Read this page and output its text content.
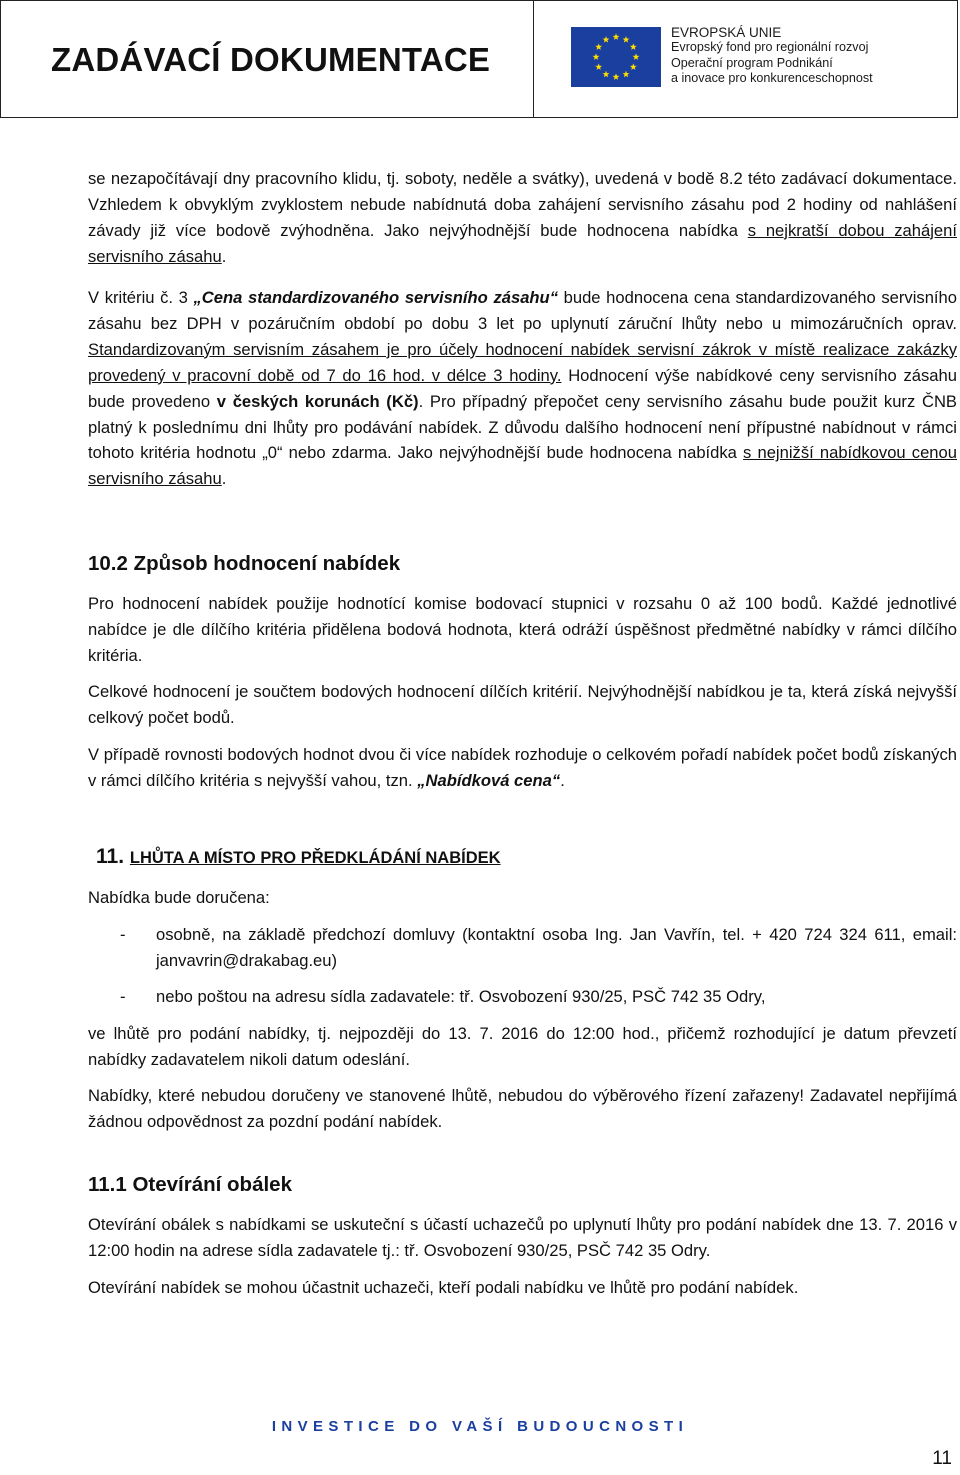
ZADÁVACÍ DOKUMENTACE
EVROPSKÁ UNIE
Evropský fond pro regionální rozvoj
Operační program Podnikání
a inovace pro konkurenceschopnost

se nezapočítávají dny pracovního klidu, tj. soboty, neděle a svátky), uvedená v bodě 8.2 této zadávací dokumentace. Vzhledem k obvyklým zvyklostem nebude nabídnutá doba zahájení servisního zásahu pod 2 hodiny od nahlášení závady již více bodově zvýhodněna. Jako nejvýhodnější bude hodnocena nabídka s nejkratší dobou zahájení servisního zásahu.

V kritériu č. 3 „Cena standardizovaného servisního zásahu“ bude hodnocena cena standardizovaného servisního zásahu bez DPH v pozáručním období po dobu 3 let po uplynutí záruční lhůty nebo u mimozáručních oprav. Standardizovaným servisním zásahem je pro účely hodnocení nabídek servisní zákrok v místě realizace zakázky provedený v pracovní době od 7 do 16 hod. v délce 3 hodiny. Hodnocení výše nabídkové ceny servisního zásahu bude provedeno v českých korunách (Kč). Pro případný přepočet ceny servisního zásahu bude použit kurz ČNB platný k poslednímu dni lhůty pro podávání nabídek. Z důvodu dalšího hodnocení není přípustné nabídnout v rámci tohoto kritéria hodnotu „0“ nebo zdarma. Jako nejvýhodnější bude hodnocena nabídka s nejnižší nabídkovou cenou servisního zásahu.

10.2 Způsob hodnocení nabídek

Pro hodnocení nabídek použije hodnotící komise bodovací stupnici v rozsahu 0 až 100 bodů. Každé jednotlivé nabídce je dle dílčího kritéria přidělena bodová hodnota, která odráží úspěšnost předmětné nabídky v rámci dílčího kritéria.

Celkové hodnocení je součtem bodových hodnocení dílčích kritérií. Nejvýhodnější nabídkou je ta, která získá nejvyšší celkový počet bodů.

V případě rovnosti bodových hodnot dvou či více nabídek rozhoduje o celkovém pořadí nabídek počet bodů získaných v rámci dílčího kritéria s nejvyšší vahou, tzn. „Nabídková cena“.

11. LHŮTA A MÍSTO PRO PŘEDKLÁDÁNÍ NABÍDEK

Nabídka bude doručena:

- osobně, na základě předchozí domluvy (kontaktní osoba Ing. Jan Vavřín, tel. + 420 724 324 611, email: janvavrin@drakabag.eu)

- nebo poštou na adresu sídla zadavatele: tř. Osvobození 930/25, PSČ 742 35 Odry,

ve lhůtě pro podání nabídky, tj. nejpozději do 13. 7. 2016 do 12:00 hod., přičemž rozhodující je datum převzetí nabídky zadavatelem nikoli datum odeslání.

Nabídky, které nebudou doručeny ve stanovené lhůtě, nebudou do výběrového řízení zařazeny! Zadavatel nepřijímá žádnou odpovědnost za pozdní podání nabídek.

11.1 Otevírání obálek

Otevírání obálek s nabídkami se uskuteční s účastí uchazečů po uplynutí lhůty pro podání nabídek dne 13. 7. 2016 v 12:00 hodin na adrese sídla zadavatele tj.: tř. Osvobození 930/25, PSČ 742 35 Odry.

Otevírání nabídek se mohou účastnit uchazeči, kteří podali nabídku ve lhůtě pro podání nabídek.

INVESTICE DO VAŠÍ BUDOUCNOSTI
11
